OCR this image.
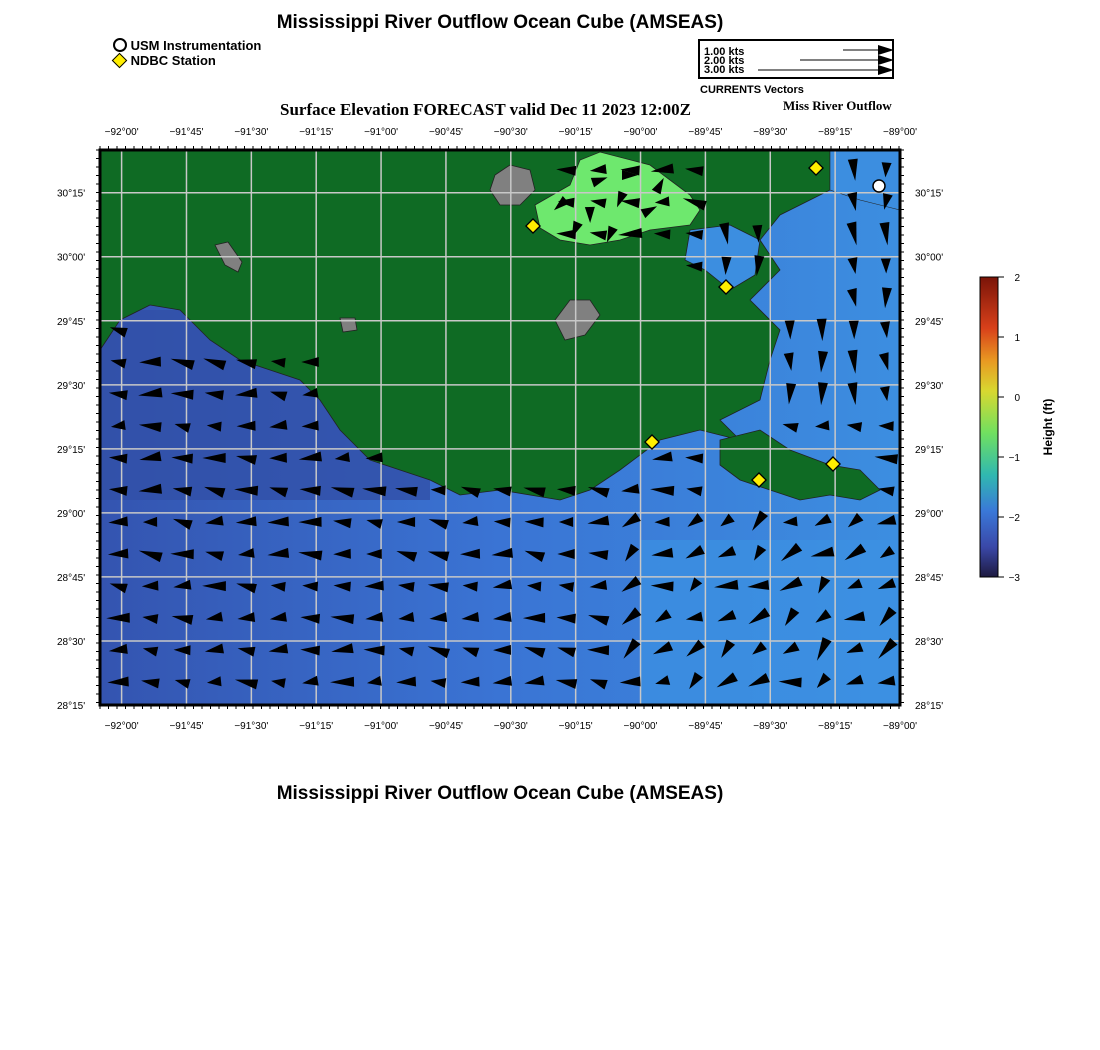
Mississippi River Outflow Ocean Cube (AMSEAS)
USM Instrumentation
NDBC Station
1.00 kts
2.00 kts
3.00 kts
CURRENTS Vectors
Surface Elevation FORECAST valid Dec 11 2023 12:00Z	Miss River Outflow
−92°00'
−92°00'
−91°45'
−91°45'
−91°30'
−91°30'
−91°15'
−91°15'
−91°00'
−91°00'
−90°45'
−90°45'
−90°30'
−90°30'
−90°15'
−90°15'
−90°00'
−90°00'
−89°45'
−89°45'
−89°30'
−89°30'
−89°15'
−89°15'
−89°00'
−89°00'
30°15'	30°15'
30°00'	30°00'
29°45'	29°45'
29°30'	29°30'
29°15'	29°15'
29°00'	29°00'
28°45'	28°45'
28°30'	28°30'
28°15'	28°15'
2
1
0
−1
−2
−3
Height (ft)
Mississippi River Outflow Ocean Cube (AMSEAS)
